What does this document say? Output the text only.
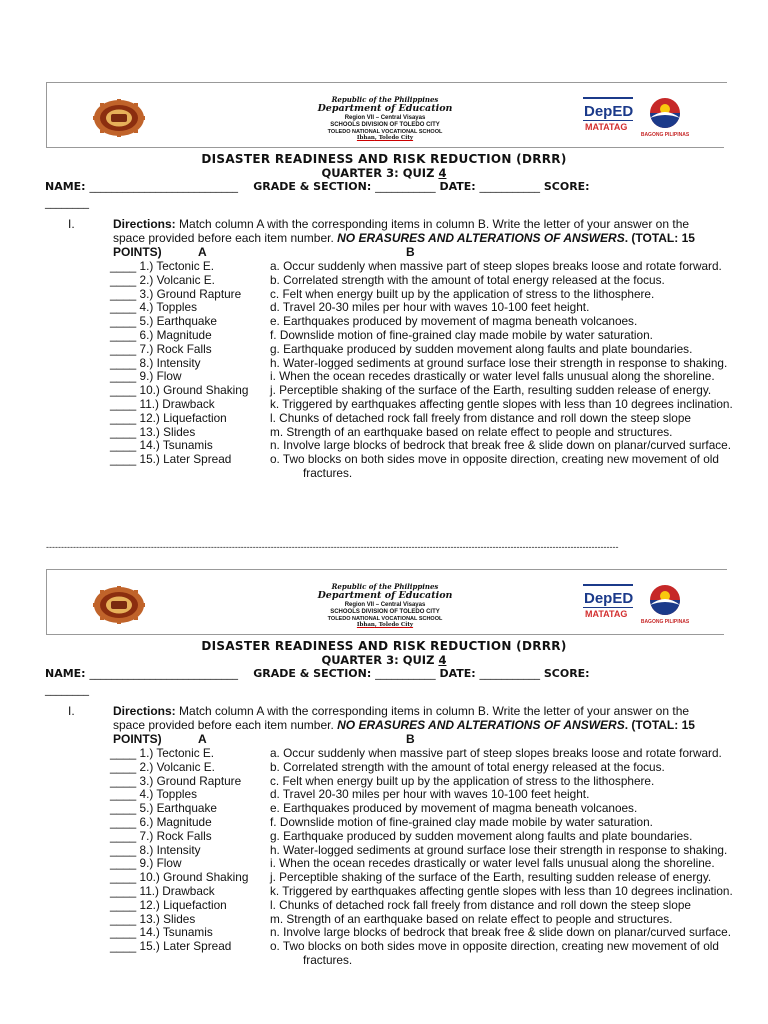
Republic of the Philippines
Department of Education
Region VII – Central Visayas
SCHOOLS DIVISION OF TOLEDO CITY
TOLEDO NATIONAL VOCATIONAL SCHOOL
Ibhan, Toledo City
DepED
MATATAG
BAGONG PILIPINAS
DISASTER READINESS AND RISK REDUCTION (DRRR)
QUARTER 3: QUIZ 4
NAME: ___________________________ GRADE & SECTION: ___________ DATE: ___________ SCORE:
________
I.	Directions: Match column A with the corresponding items in column B. Write the letter of your answer on the space provided before each item number. NO ERASURES AND ALTERATIONS OF ANSWERS. (TOTAL: 15 POINTS)	A	B
____ 1.) Tectonic E.	a. Occur suddenly when massive part of steep slopes breaks loose and rotate forward.
____ 2.) Volcanic E.	b. Correlated strength with the amount of total energy released at the focus.
____ 3.) Ground Rapture c. Felt when energy built up by the application of stress to the lithosphere.
____ 4.) Topples	d. Travel 20-30 miles per hour with waves 10-100 feet height.
____ 5.) Earthquake	e. Earthquakes produced by movement of magma beneath volcanoes.
____ 6.) Magnitude	f. Downslide motion of fine-grained clay made mobile by water saturation.
____ 7.) Rock Falls	g. Earthquake produced by sudden movement along faults and plate boundaries.
____ 8.) Intensity	h. Water-logged sediments at ground surface lose their strength in response to shaking.
____ 9.) Flow	i. When the ocean recedes drastically or water level falls unusual along the shoreline.
____ 10.) Ground Shaking j. Perceptible shaking of the surface of the Earth, resulting sudden release of energy.
____ 11.) Drawback	k. Triggered by earthquakes affecting gentle slopes with less than 10 degrees inclination.
____ 12.) Liquefaction	l. Chunks of detached rock fall freely from distance and roll down the steep slope
____ 13.) Slides	m. Strength of an earthquake based on relate effect to people and structures.
____ 14.) Tsunamis	n. Involve large blocks of bedrock that break free & slide down on planar/curved surface.
____ 15.) Later Spread	o. Two blocks on both sides move in opposite direction, creating new movement of old
fractures.
-----------------------------------------------------------------------------------------------------------------------------------------------------------------------------------------------
Republic of the Philippines
Department of Education
Region VII – Central Visayas
SCHOOLS DIVISION OF TOLEDO CITY
TOLEDO NATIONAL VOCATIONAL SCHOOL
Ibhan, Toledo City
DepED
MATATAG
BAGONG PILIPINAS
DISASTER READINESS AND RISK REDUCTION (DRRR)
QUARTER 3: QUIZ 4
NAME: ___________________________ GRADE & SECTION: ___________ DATE: ___________ SCORE:
________
I.	Directions: Match column A with the corresponding items in column B. Write the letter of your answer on the space provided before each item number. NO ERASURES AND ALTERATIONS OF ANSWERS. (TOTAL: 15 POINTS)	A	B
____ 1.) Tectonic E.	a. Occur suddenly when massive part of steep slopes breaks loose and rotate forward.
____ 2.) Volcanic E.	b. Correlated strength with the amount of total energy released at the focus.
____ 3.) Ground Rapture c. Felt when energy built up by the application of stress to the lithosphere.
____ 4.) Topples	d. Travel 20-30 miles per hour with waves 10-100 feet height.
____ 5.) Earthquake	e. Earthquakes produced by movement of magma beneath volcanoes.
____ 6.) Magnitude	f. Downslide motion of fine-grained clay made mobile by water saturation.
____ 7.) Rock Falls	g. Earthquake produced by sudden movement along faults and plate boundaries.
____ 8.) Intensity	h. Water-logged sediments at ground surface lose their strength in response to shaking.
____ 9.) Flow	i. When the ocean recedes drastically or water level falls unusual along the shoreline.
____ 10.) Ground Shaking j. Perceptible shaking of the surface of the Earth, resulting sudden release of energy.
____ 11.) Drawback	k. Triggered by earthquakes affecting gentle slopes with less than 10 degrees inclination.
____ 12.) Liquefaction	l. Chunks of detached rock fall freely from distance and roll down the steep slope
____ 13.) Slides	m. Strength of an earthquake based on relate effect to people and structures.
____ 14.) Tsunamis	n. Involve large blocks of bedrock that break free & slide down on planar/curved surface.
____ 15.) Later Spread	o. Two blocks on both sides move in opposite direction, creating new movement of old
fractures.
